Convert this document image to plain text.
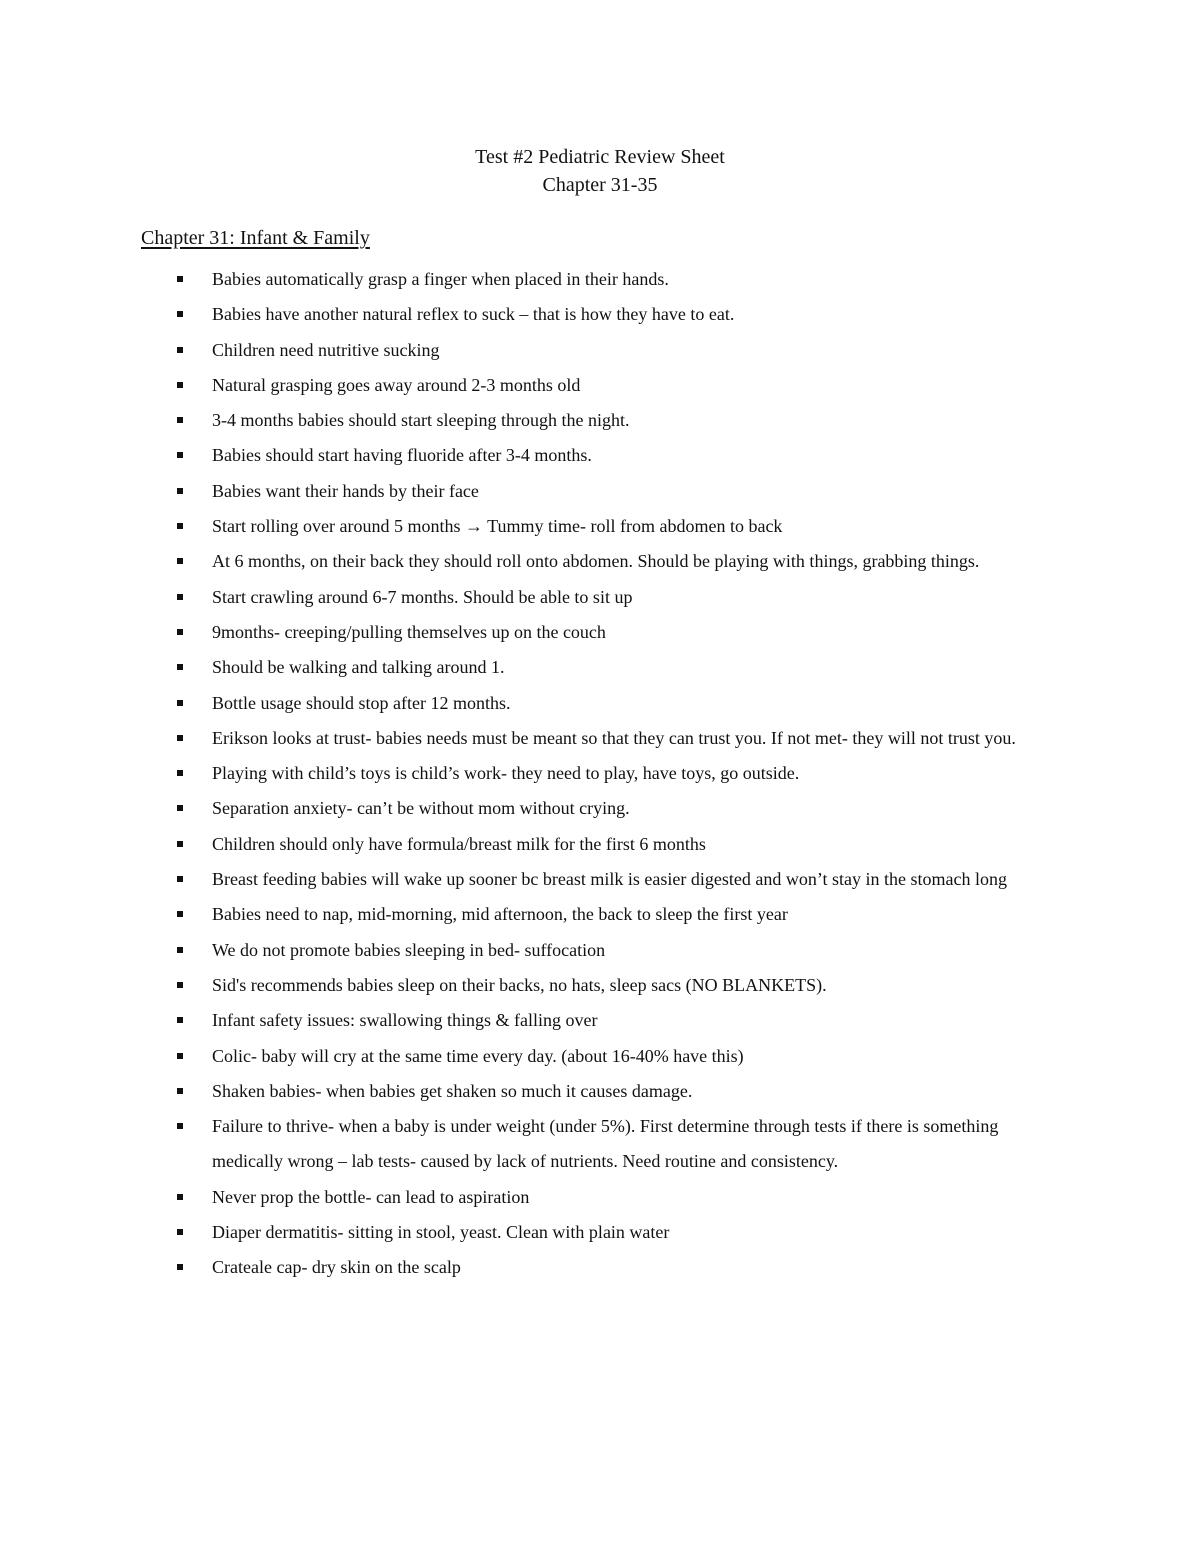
Test #2 Pediatric Review Sheet
Chapter 31-35
Chapter 31: Infant & Family
Babies automatically grasp a finger when placed in their hands.
Babies have another natural reflex to suck – that is how they have to eat.
Children need nutritive sucking
Natural grasping goes away around 2-3 months old
3-4 months babies should start sleeping through the night.
Babies should start having fluoride after 3-4 months.
Babies want their hands by their face
Start rolling over around 5 months → Tummy time- roll from abdomen to back
At 6 months, on their back they should roll onto abdomen. Should be playing with things, grabbing things.
Start crawling around 6-7 months. Should be able to sit up
9months- creeping/pulling themselves up on the couch
Should be walking and talking around 1.
Bottle usage should stop after 12 months.
Erikson looks at trust- babies needs must be meant so that they can trust you. If not met- they will not trust you.
Playing with child’s toys is child’s work- they need to play, have toys, go outside.
Separation anxiety- can’t be without mom without crying.
Children should only have formula/breast milk for the first 6 months
Breast feeding babies will wake up sooner bc breast milk is easier digested and won’t stay in the stomach long
Babies need to nap, mid-morning, mid afternoon, the back to sleep the first year
We do not promote babies sleeping in bed- suffocation
Sid's recommends babies sleep on their backs, no hats, sleep sacs (NO BLANKETS).
Infant safety issues: swallowing things & falling over
Colic- baby will cry at the same time every day. (about 16-40% have this)
Shaken babies- when babies get shaken so much it causes damage.
Failure to thrive- when a baby is under weight (under 5%). First determine through tests if there is something medically wrong – lab tests- caused by lack of nutrients. Need routine and consistency.
Never prop the bottle- can lead to aspiration
Diaper dermatitis- sitting in stool, yeast. Clean with plain water
Crateale cap- dry skin on the scalp
